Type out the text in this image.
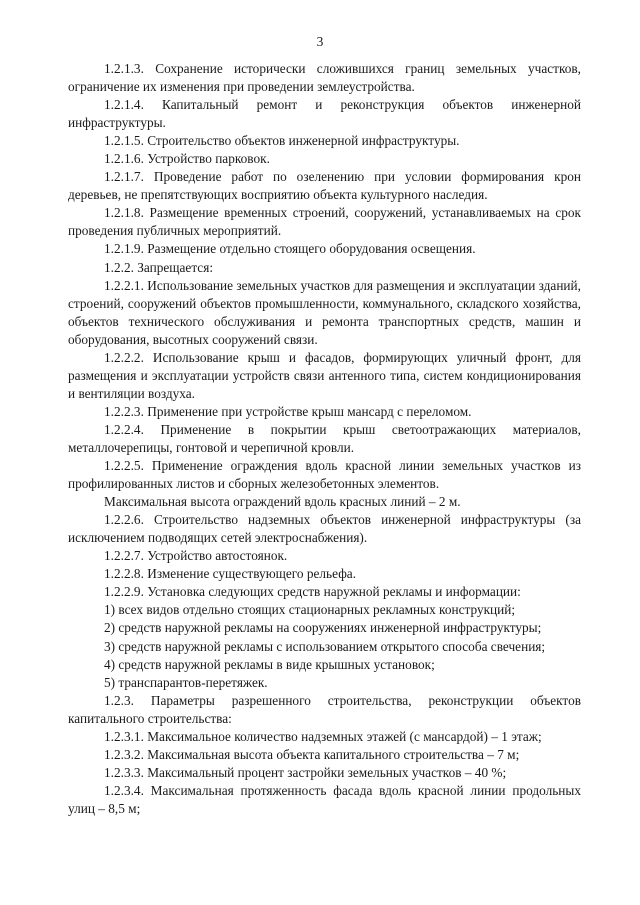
3

1.2.1.3. Сохранение исторически сложившихся границ земельных участков, ограничение их изменения при проведении землеустройства.

1.2.1.4. Капитальный ремонт и реконструкция объектов инженерной инфраструктуры.

1.2.1.5. Строительство объектов инженерной инфраструктуры.

1.2.1.6. Устройство парковок.

1.2.1.7. Проведение работ по озеленению при условии формирования крон деревьев, не препятствующих восприятию объекта культурного наследия.

1.2.1.8. Размещение временных строений, сооружений, устанавливаемых на срок проведения публичных мероприятий.

1.2.1.9. Размещение отдельно стоящего оборудования освещения.

1.2.2. Запрещается:

1.2.2.1. Использование земельных участков для размещения и эксплуатации зданий, строений, сооружений объектов промышленности, коммунального, складского хозяйства, объектов технического обслуживания и ремонта транспортных средств, машин и оборудования, высотных сооружений связи.

1.2.2.2. Использование крыш и фасадов, формирующих уличный фронт, для размещения и эксплуатации устройств связи антенного типа, систем кондиционирования и вентиляции воздуха.

1.2.2.3. Применение при устройстве крыш мансард с переломом.

1.2.2.4. Применение в покрытии крыш светоотражающих материалов, металлочерепицы, гонтовой и черепичной кровли.

1.2.2.5. Применение ограждения вдоль красной линии земельных участков из профилированных листов и сборных железобетонных элементов.

Максимальная высота ограждений вдоль красных линий – 2 м.

1.2.2.6. Строительство надземных объектов инженерной инфраструктуры (за исключением подводящих сетей электроснабжения).

1.2.2.7. Устройство автостоянок.

1.2.2.8. Изменение существующего рельефа.

1.2.2.9. Установка следующих средств наружной рекламы и информации:

1) всех видов отдельно стоящих стационарных рекламных конструкций;

2) средств наружной рекламы на сооружениях инженерной инфраструктуры;

3) средств наружной рекламы с использованием открытого способа свечения;

4) средств наружной рекламы в виде крышных установок;

5) транспарантов-перетяжек.

1.2.3. Параметры разрешенного строительства, реконструкции объектов капитального строительства:

1.2.3.1. Максимальное количество надземных этажей (с мансардой) – 1 этаж;

1.2.3.2. Максимальная высота объекта капитального строительства – 7 м;

1.2.3.3. Максимальный процент застройки земельных участков – 40 %;

1.2.3.4. Максимальная протяженность фасада вдоль красной линии продольных улиц – 8,5 м;
